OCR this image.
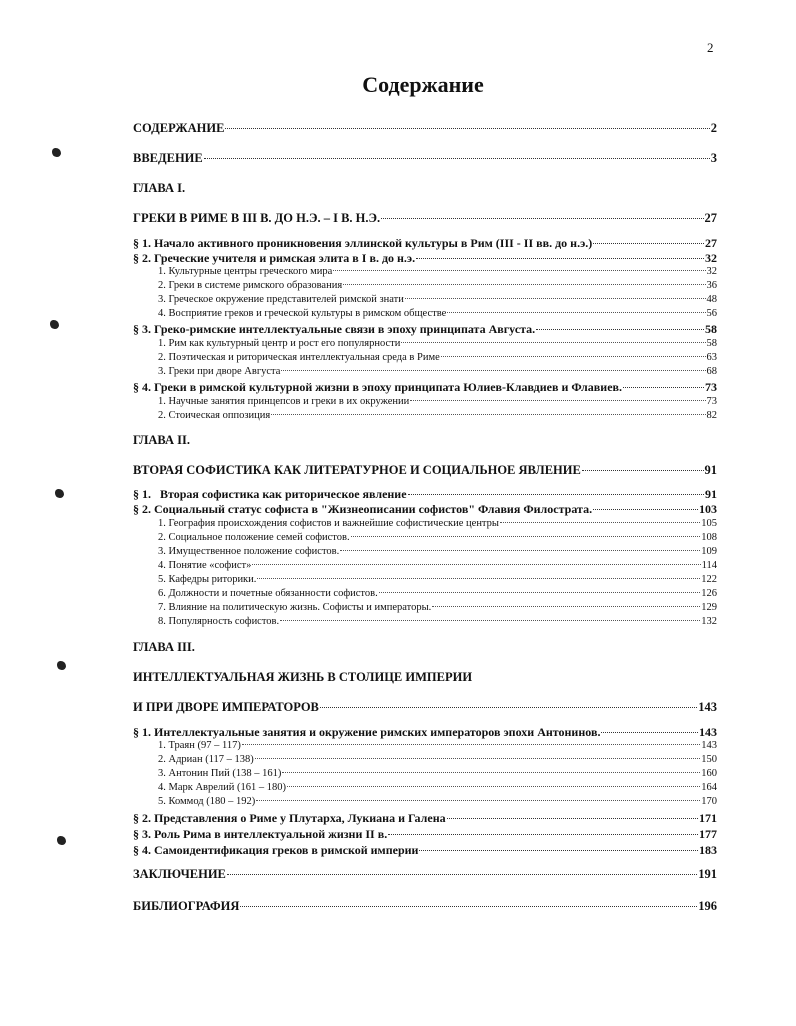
2
Содержание
СОДЕРЖАНИЕ	2
ВВЕДЕНИЕ	3
ГЛАВА I.
ГРЕКИ В РИМЕ В III В. ДО Н.Э. – I В. Н.Э.	27
§ 1. Начало активного проникновения эллинской культуры в Рим (III - II вв. до н.э.)	27
§ 2. Греческие учителя и римская элита в I в. до н.э.	32
1. Культурные центры греческого мира	32
2. Греки в системе римского образования	36
3. Греческое окружение представителей римской знати	48
4. Восприятие греков и греческой культуры в римском обществе	56
§ 3. Греко-римские интеллектуальные связи в эпоху принципата Августа.	58
1. Рим как культурный центр и рост его популярности	58
2. Поэтическая и риторическая интеллектуальная среда в Риме	63
3. Греки при дворе Августа	68
§ 4. Греки в римской культурной жизни в эпоху принципата Юлиев-Клавдиев и Флавиев.	73
1. Научные занятия принцепсов и греки в их окружении	73
2. Стоическая оппозиция	82
ГЛАВА II.
ВТОРАЯ СОФИСТИКА КАК ЛИТЕРАТУРНОЕ И СОЦИАЛЬНОЕ ЯВЛЕНИЕ	91
§ 1.   Вторая софистика как риторическое явление	91
§ 2. Социальный статус софиста в "Жизнеописании софистов" Флавия Филострата.	103
1. География происхождения софистов и важнейшие софистические центры	105
2. Социальное положение семей софистов.	108
3. Имущественное положение софистов.	109
4. Понятие «софист»	114
5. Кафедры риторики.	122
6. Должности и почетные обязанности софистов.	126
7. Влияние на политическую жизнь. Софисты и императоры.	129
8. Популярность софистов.	132
ГЛАВА III.
ИНТЕЛЛЕКТУАЛЬНАЯ ЖИЗНЬ В СТОЛИЦЕ ИМПЕРИИ
И ПРИ ДВОРЕ ИМПЕРАТОРОВ	143
§ 1. Интеллектуальные занятия и окружение римских императоров эпохи Антонинов.	143
1. Траян (97 – 117)	143
2. Адриан (117 – 138)	150
3. Антонин Пий (138 – 161)	160
4. Марк Аврелий (161 – 180)	164
5. Коммод (180 – 192)	170
§ 2. Представления о Риме у Плутарха, Лукиана и Галена	171
§ 3. Роль Рима в интеллектуальной жизни II в.	177
§ 4. Самоидентификация греков в римской империи	183
ЗАКЛЮЧЕНИЕ	191
БИБЛИОГРАФИЯ	196
